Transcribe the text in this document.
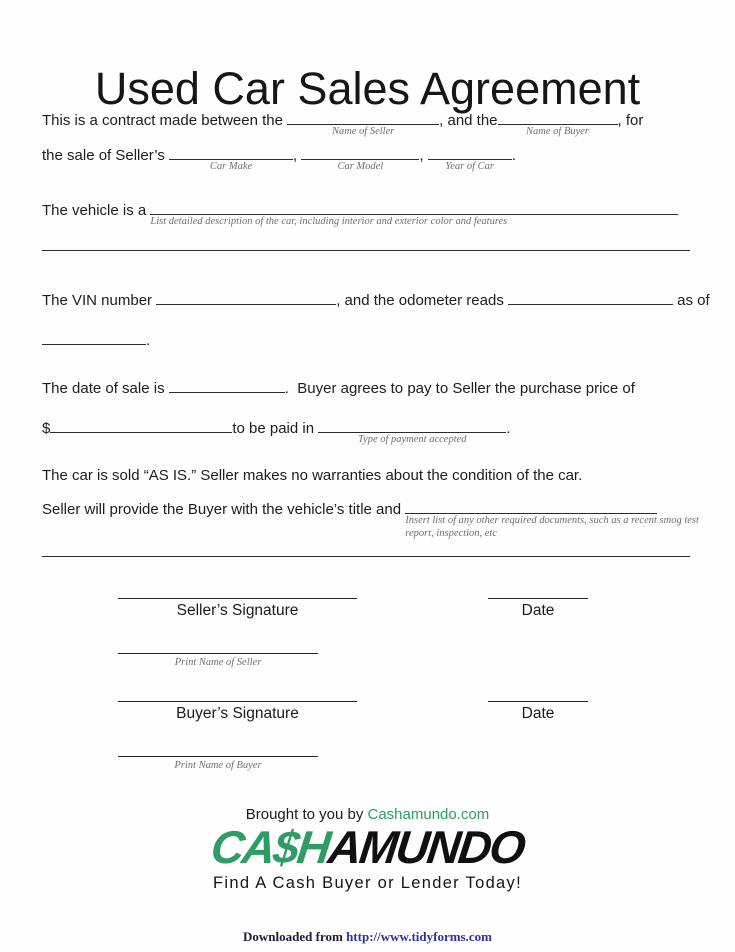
Used Car Sales Agreement
This is a contract made between the
Name of Seller
, and the
Name of Buyer
, for
the sale of Seller’s
Car Make
,
Car Model
,
Year of Car
.
The vehicle is a
List detailed description of the car, including interior and exterior color and features
The VIN number	, and the odometer reads	as of
.
The date of sale is	.  Buyer agrees to pay to Seller the purchase price of
$	to be paid in
Type of payment accepted
.
The car is sold “AS IS.” Seller makes no warranties about the condition of the car.
Seller will provide the Buyer with the vehicle’s title and
Insert list of any other required documents, such as a recent smog test report, inspection, etc
Seller’s Signature	Date
Print Name of Seller
Buyer’s Signature	Date
Print Name of Buyer
Brought to you by Cashamundo.com
CA$HAMUNDO
Find A Cash Buyer or Lender Today!
Downloaded from http://www.tidyforms.com
